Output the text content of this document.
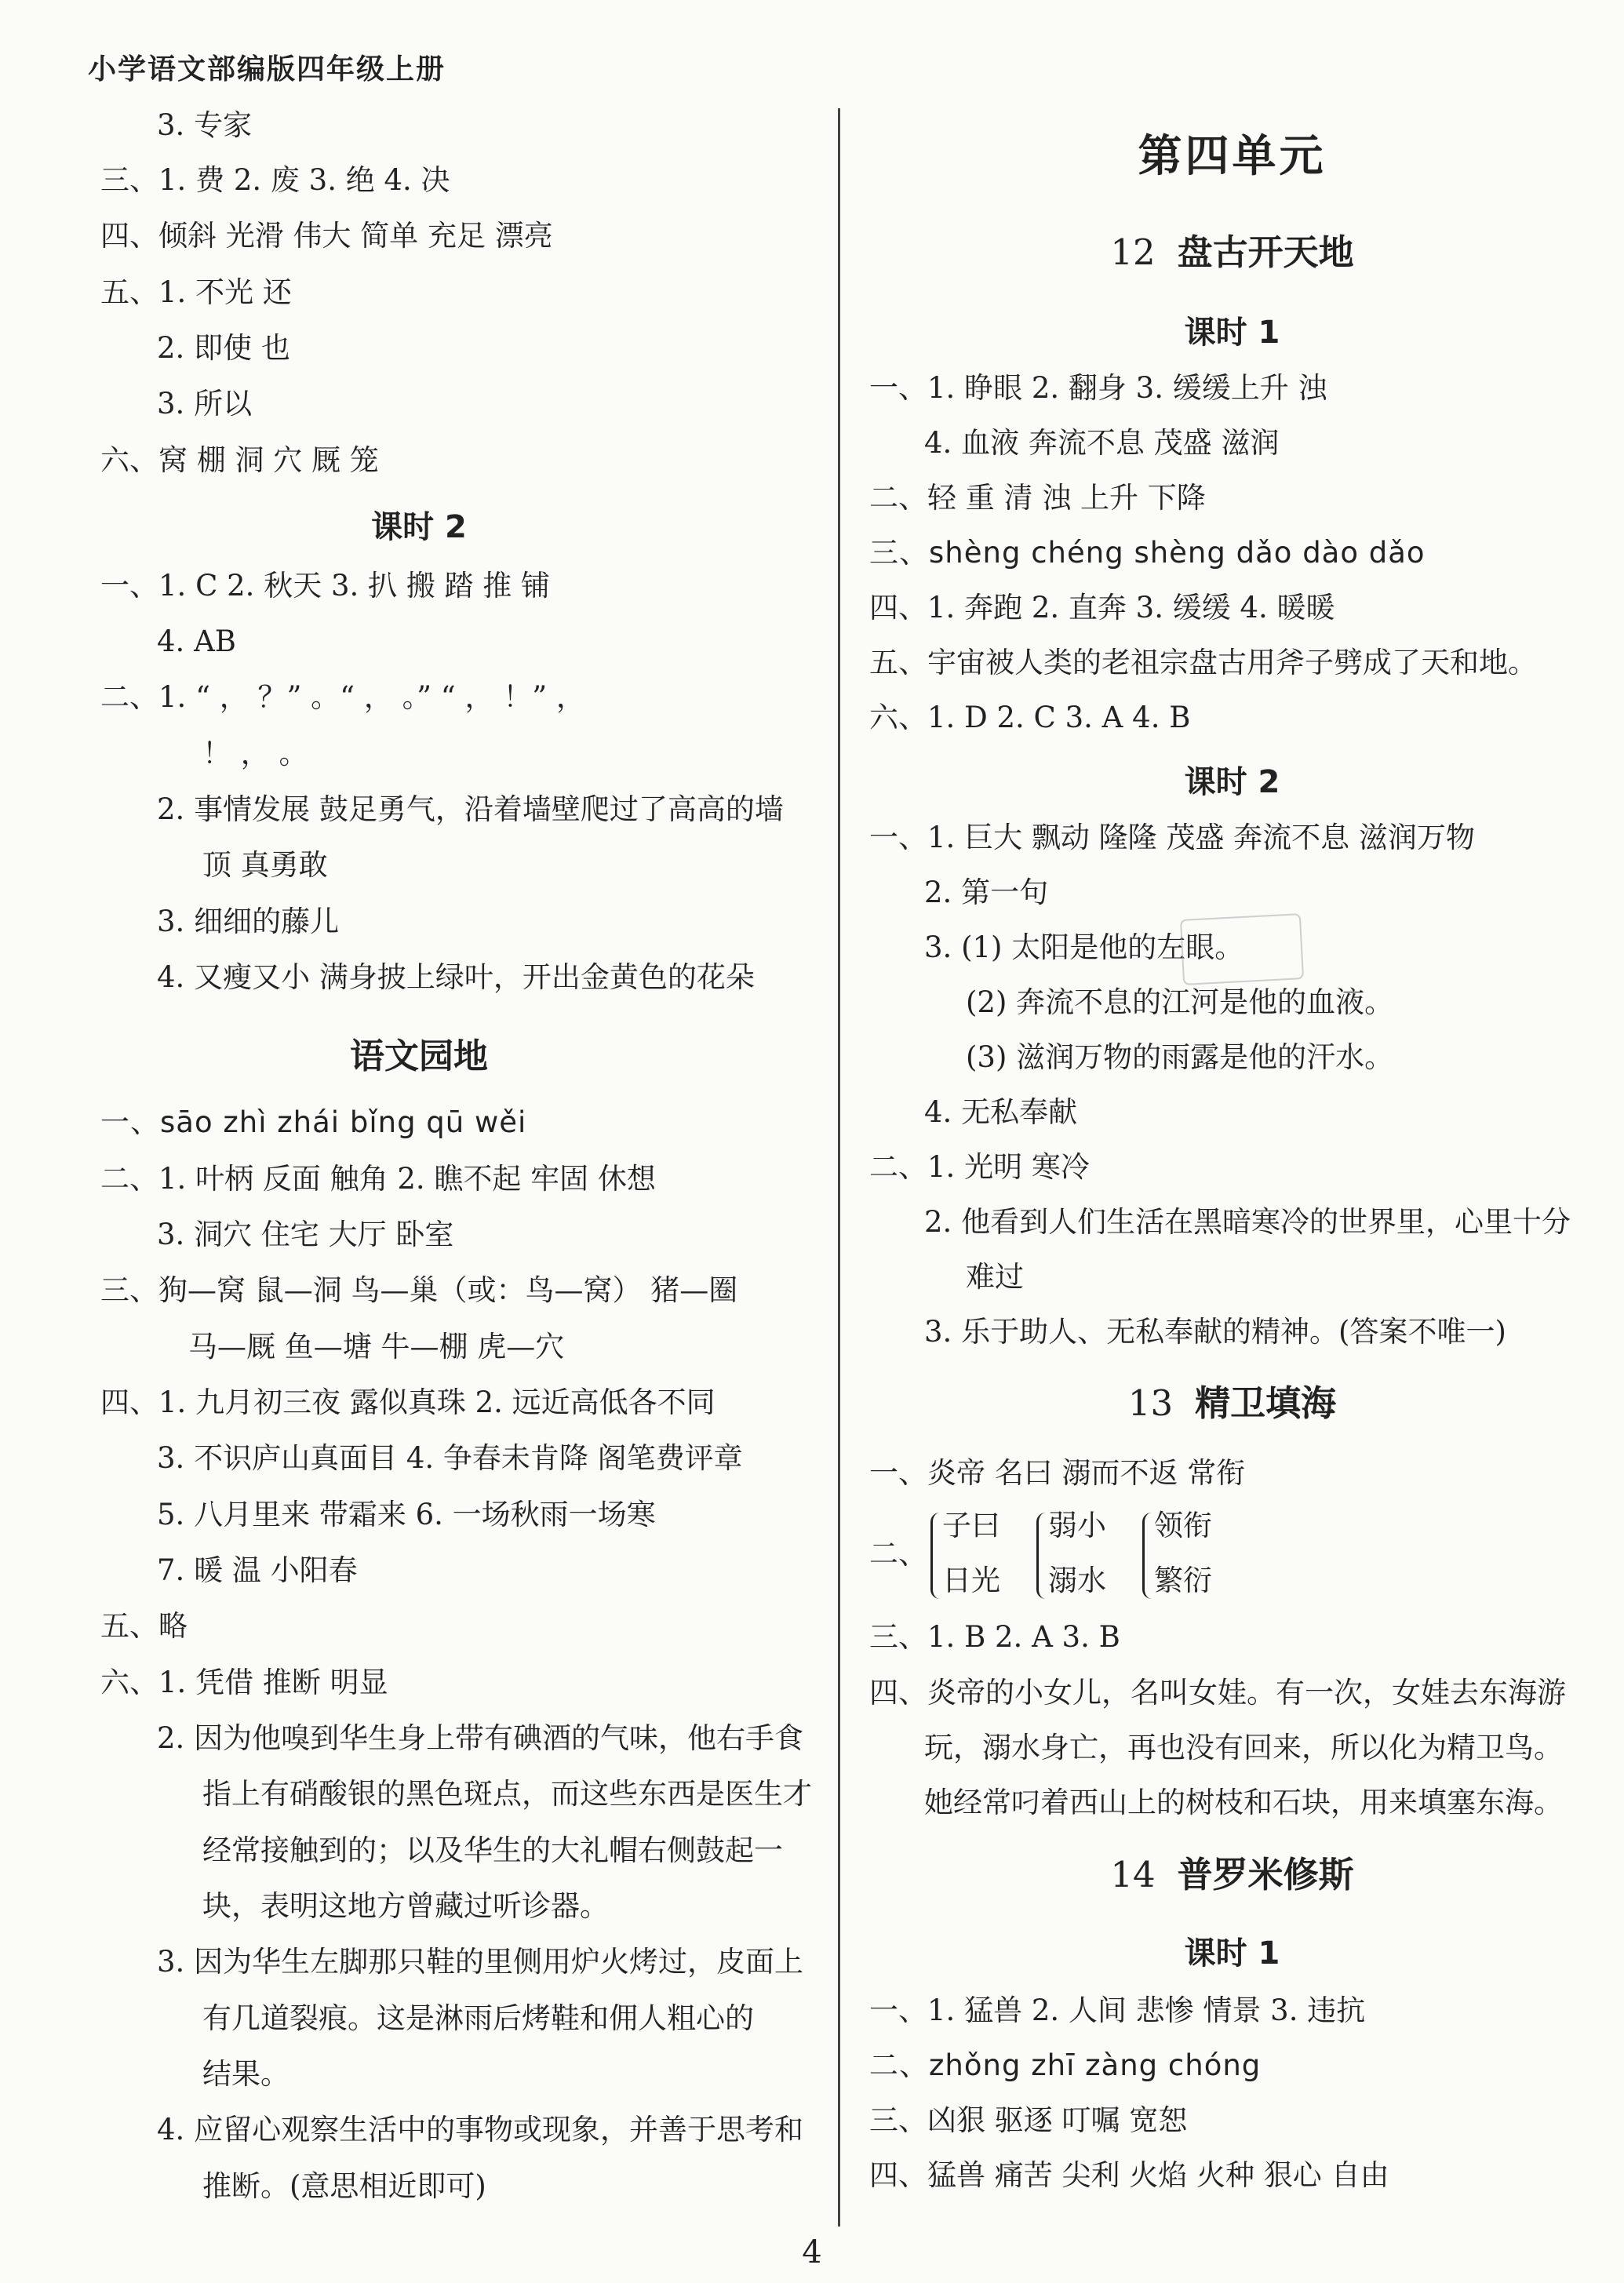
小学语文部编版四年级上册
3. 专家
三、1. 费 2. 废 3. 绝 4. 决
四、倾斜 光滑 伟大 简单 充足 漂亮
五、1. 不光 还
2. 即使 也
3. 所以
六、窝 棚 洞 穴 厩 笼
课时 2
一、1. C 2. 秋天 3. 扒 搬 踏 推 铺
4. AB
二、1. “ ， ？” 。“ ， 。” “ ， ！” ，
！ ， 。
2. 事情发展 鼓足勇气，沿着墙壁爬过了高高的墙
顶 真勇敢
3. 细细的藤儿
4. 又瘦又小 满身披上绿叶，开出金黄色的花朵
语文园地
一、sāo zhì zhái bǐng qū wěi
二、1. 叶柄 反面 触角 2. 瞧不起 牢固 休想
3. 洞穴 住宅 大厅 卧室
三、狗—窝 鼠—洞 鸟—巢（或：鸟—窝） 猪—圈
马—厩 鱼—塘 牛—棚 虎—穴
四、1. 九月初三夜 露似真珠 2. 远近高低各不同
3. 不识庐山真面目 4. 争春未肯降 阁笔费评章
5. 八月里来 带霜来 6. 一场秋雨一场寒
7. 暖 温 小阳春
五、略
六、1. 凭借 推断 明显
2. 因为他嗅到华生身上带有碘酒的气味，他右手食
指上有硝酸银的黑色斑点，而这些东西是医生才
经常接触到的；以及华生的大礼帽右侧鼓起一
块，表明这地方曾藏过听诊器。
3. 因为华生左脚那只鞋的里侧用炉火烤过，皮面上
有几道裂痕。这是淋雨后烤鞋和佣人粗心的
结果。
4. 应留心观察生活中的事物或现象，并善于思考和
推断。(意思相近即可)
第四单元
12 盘古开天地
课时 1
一、1. 睁眼 2. 翻身 3. 缓缓上升 浊
4. 血液 奔流不息 茂盛 滋润
二、轻 重 清 浊 上升 下降
三、shèng chéng shèng dǎo dào dǎo
四、1. 奔跑 2. 直奔 3. 缓缓 4. 暖暖
五、宇宙被人类的老祖宗盘古用斧子劈成了天和地。
六、1. D 2. C 3. A 4. B
课时 2
一、1. 巨大 飘动 隆隆 茂盛 奔流不息 滋润万物
2. 第一句
3. (1) 太阳是他的左眼。
(2) 奔流不息的江河是他的血液。
(3) 滋润万物的雨露是他的汗水。
4. 无私奉献
二、1. 光明 寒冷
2. 他看到人们生活在黑暗寒冷的世界里，心里十分
难过
3. 乐于助人、无私奉献的精神。(答案不唯一)
13 精卫填海
一、炎帝 名曰 溺而不返 常衔
二、
子曰
日光
弱小
溺水
领衔
繁衍
三、1. B 2. A 3. B
四、炎帝的小女儿，名叫女娃。有一次，女娃去东海游
玩，溺水身亡，再也没有回来，所以化为精卫鸟。
她经常叼着西山上的树枝和石块，用来填塞东海。
14 普罗米修斯
课时 1
一、1. 猛兽 2. 人间 悲惨 情景 3. 违抗
二、zhǒng zhī zàng chóng
三、凶狠 驱逐 叮嘱 宽恕
四、猛兽 痛苦 尖利 火焰 火种 狠心 自由
4
